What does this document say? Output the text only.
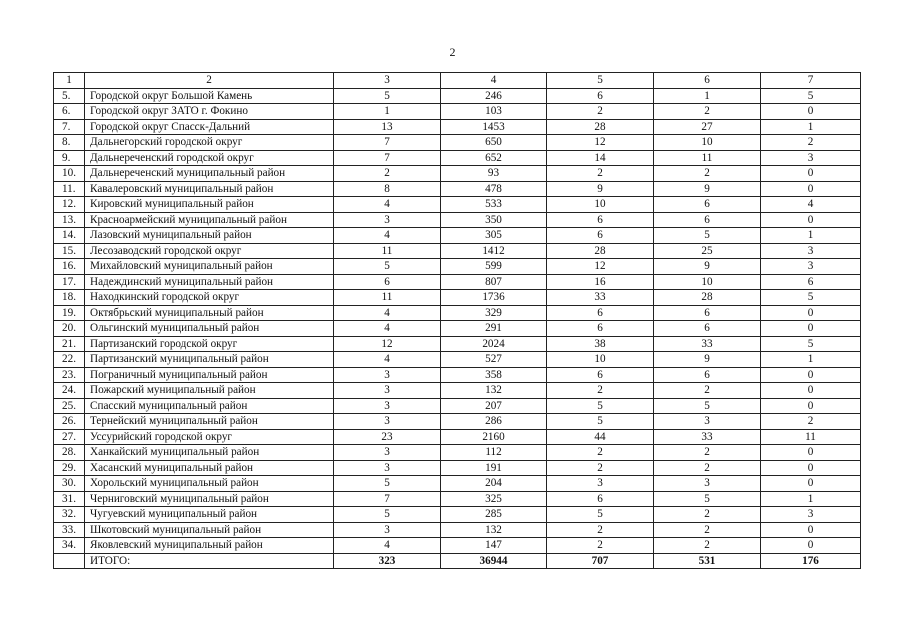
2
1	2	3	4	5	6	7
5.	Городской округ Большой Камень	5	246	6	1	5
6.	Городской округ ЗАТО г. Фокино	1	103	2	2	0
7.	Городской округ Спасск-Дальний	13	1453	28	27	1
8.	Дальнегорский городской округ	7	650	12	10	2
9.	Дальнереченский городской округ	7	652	14	11	3
10.	Дальнереченский муниципальный район	2	93	2	2	0
11.	Кавалеровский муниципальный район	8	478	9	9	0
12.	Кировский муниципальный район	4	533	10	6	4
13.	Красноармейский муниципальный район	3	350	6	6	0
14.	Лазовский муниципальный район	4	305	6	5	1
15.	Лесозаводский городской округ	11	1412	28	25	3
16.	Михайловский муниципальный район	5	599	12	9	3
17.	Надеждинский муниципальный район	6	807	16	10	6
18.	Находкинский городской округ	11	1736	33	28	5
19.	Октябрьский муниципальный район	4	329	6	6	0
20.	Ольгинский муниципальный район	4	291	6	6	0
21.	Партизанский городской округ	12	2024	38	33	5
22.	Партизанский муниципальный район	4	527	10	9	1
23.	Пограничный муниципальный район	3	358	6	6	0
24.	Пожарский муниципальный район	3	132	2	2	0
25.	Спасский муниципальный район	3	207	5	5	0
26.	Тернейский муниципальный район	3	286	5	3	2
27.	Уссурийский городской округ	23	2160	44	33	11
28.	Ханкайский муниципальный район	3	112	2	2	0
29.	Хасанский муниципальный район	3	191	2	2	0
30.	Хорольский муниципальный район	5	204	3	3	0
31.	Черниговский муниципальный район	7	325	6	5	1
32.	Чугуевский муниципальный район	5	285	5	2	3
33.	Шкотовский муниципальный район	3	132	2	2	0
34.	Яковлевский муниципальный район	4	147	2	2	0
	ИТОГО:	323	36944	707	531	176
